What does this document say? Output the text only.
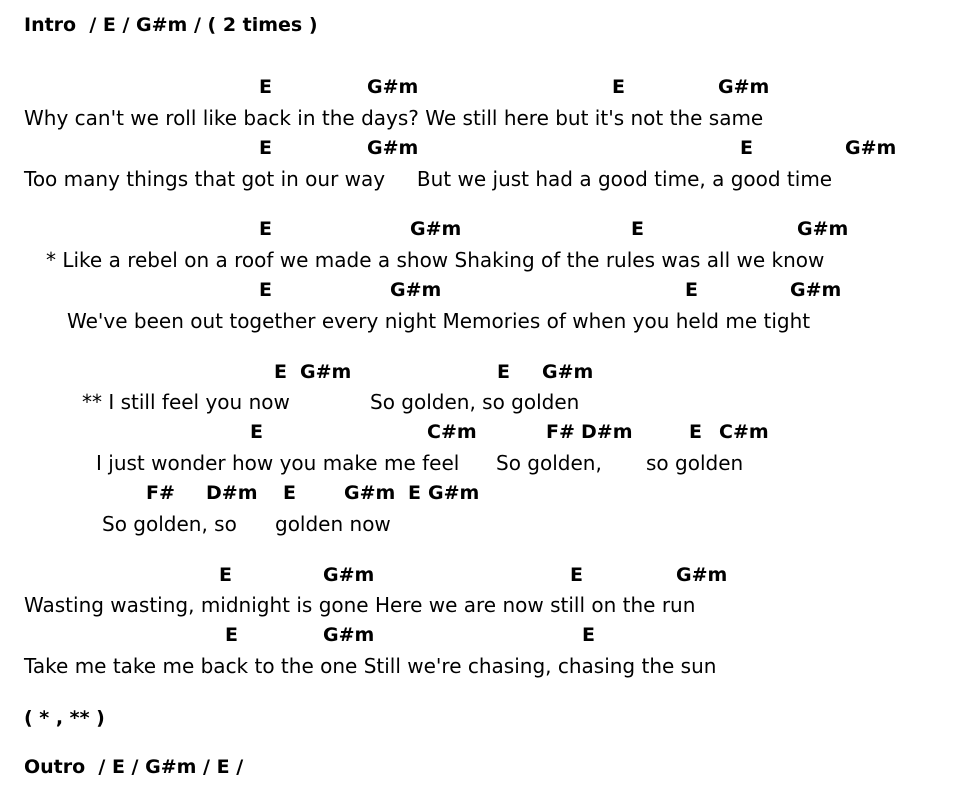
Intro  / E / G#m / ( 2 times )
E	G#m	E	G#m
Why can't we roll like back in the days? We still here but it's not the same
E	G#m	E	G#m
Too many things that got in our way     But we just had a good time, a good time
E	G#m	E	G#m
* Like a rebel on a roof we made a show Shaking of the rules was all we know
E	G#m	E	G#m
We've been out together every night Memories of when you held me tight
E G#m	E G#m
** I still feel you now	So golden, so golden
E	C#m	F# D#m	E C#m
I just wonder how you make me feel So golden, so golden
F# D#m E	G#m E G#m
So golden, so golden now
E	G#m	E	G#m
Wasting wasting, midnight is gone Here we are now still on the run
E	G#m	E
Take me take me back to the one Still we're chasing, chasing the sun
( * , ** )
Outro  / E / G#m / E /
